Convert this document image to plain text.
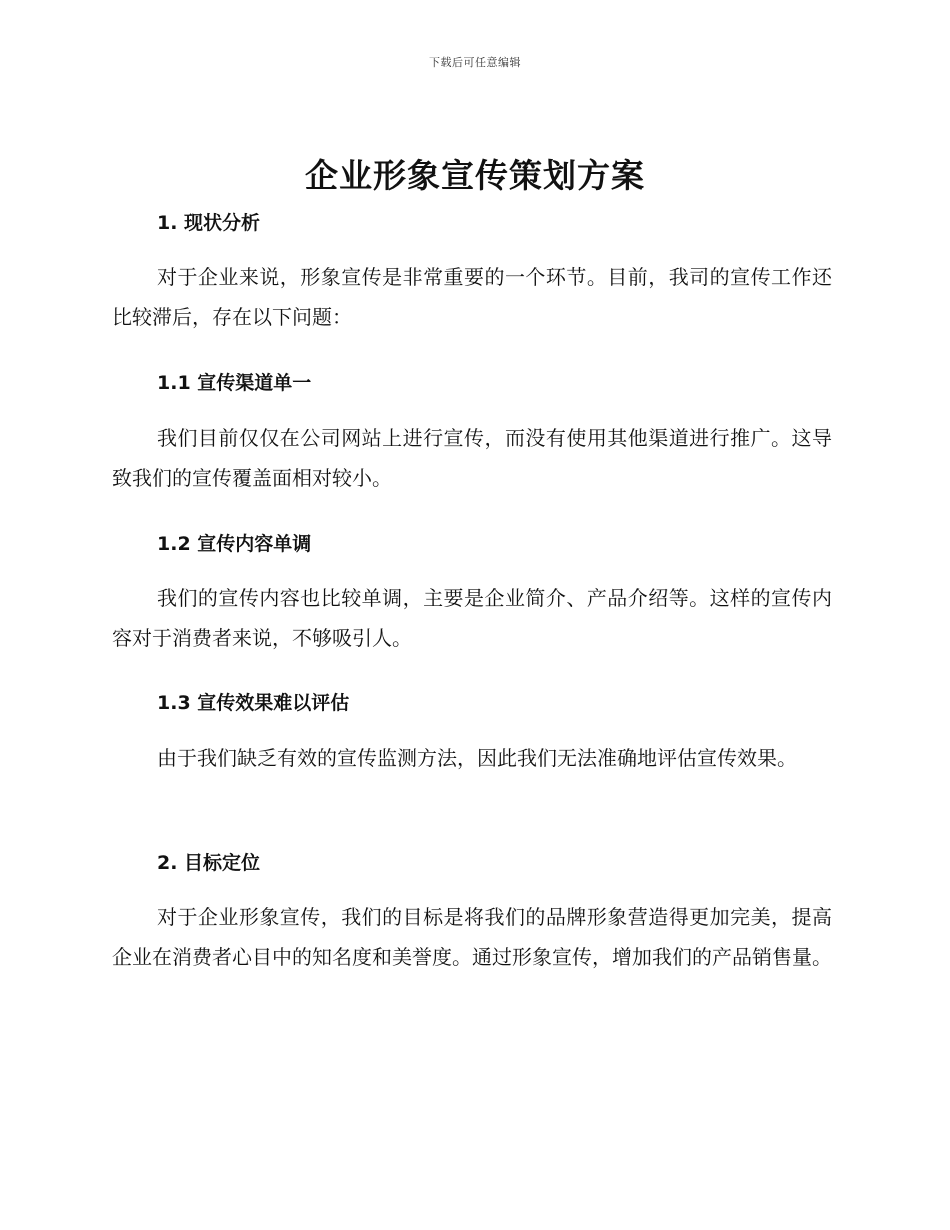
下载后可任意编辑
企业形象宣传策划方案
1. 现状分析

对于企业来说，形象宣传是非常重要的一个环节。目前，我司的宣传工作还比较滞后，存在以下问题：

1.1 宣传渠道单一

我们目前仅仅在公司网站上进行宣传，而没有使用其他渠道进行推广。这导致我们的宣传覆盖面相对较小。

1.2 宣传内容单调

我们的宣传内容也比较单调，主要是企业简介、产品介绍等。这样的宣传内容对于消费者来说，不够吸引人。

1.3 宣传效果难以评估

由于我们缺乏有效的宣传监测方法，因此我们无法准确地评估宣传效果。

2. 目标定位

对于企业形象宣传，我们的目标是将我们的品牌形象营造得更加完美，提高企业在消费者心目中的知名度和美誉度。通过形象宣传，增加我们的产品销售量。
